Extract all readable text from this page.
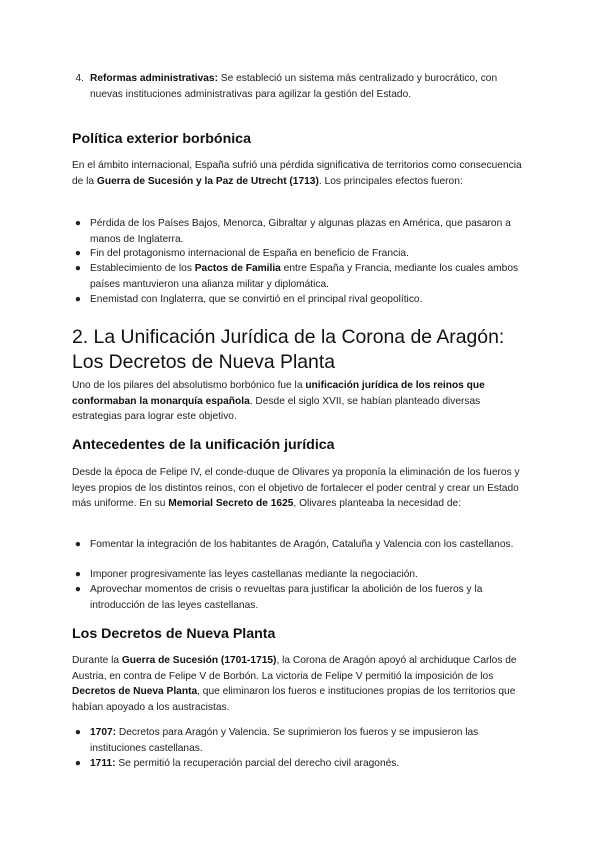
4. Reformas administrativas: Se estableció un sistema más centralizado y burocrático, con nuevas instituciones administrativas para agilizar la gestión del Estado.
Política exterior borbónica

En el ámbito internacional, España sufrió una pérdida significativa de territorios como consecuencia de la Guerra de Sucesión y la Paz de Utrecht (1713). Los principales efectos fueron:

● Pérdida de los Países Bajos, Menorca, Gibraltar y algunas plazas en América, que pasaron a manos de Inglaterra.
● Fin del protagonismo internacional de España en beneficio de Francia.
● Establecimiento de los Pactos de Familia entre España y Francia, mediante los cuales ambos países mantuvieron una alianza militar y diplomática.
● Enemistad con Inglaterra, que se convirtió en el principal rival geopolítico.
2. La Unificación Jurídica de la Corona de Aragón: Los Decretos de Nueva Planta

Uno de los pilares del absolutismo borbónico fue la unificación jurídica de los reinos que conformaban la monarquía española. Desde el siglo XVII, se habían planteado diversas estrategias para lograr este objetivo.

Antecedentes de la unificación jurídica

Desde la época de Felipe IV, el conde-duque de Olivares ya proponía la eliminación de los fueros y leyes propios de los distintos reinos, con el objetivo de fortalecer el poder central y crear un Estado más uniforme. En su Memorial Secreto de 1625, Olivares planteaba la necesidad de:

● Fomentar la integración de los habitantes de Aragón, Cataluña y Valencia con los castellanos.
● Imponer progresivamente las leyes castellanas mediante la negociación.
● Aprovechar momentos de crisis o revueltas para justificar la abolición de los fueros y la introducción de las leyes castellanas.
Los Decretos de Nueva Planta

Durante la Guerra de Sucesión (1701-1715), la Corona de Aragón apoyó al archiduque Carlos de Austria, en contra de Felipe V de Borbón. La victoria de Felipe V permitió la imposición de los Decretos de Nueva Planta, que eliminaron los fueros e instituciones propias de los territorios que habían apoyado a los austracistas.

● 1707: Decretos para Aragón y Valencia. Se suprimieron los fueros y se impusieron las instituciones castellanas.
● 1711: Se permitió la recuperación parcial del derecho civil aragonés.
